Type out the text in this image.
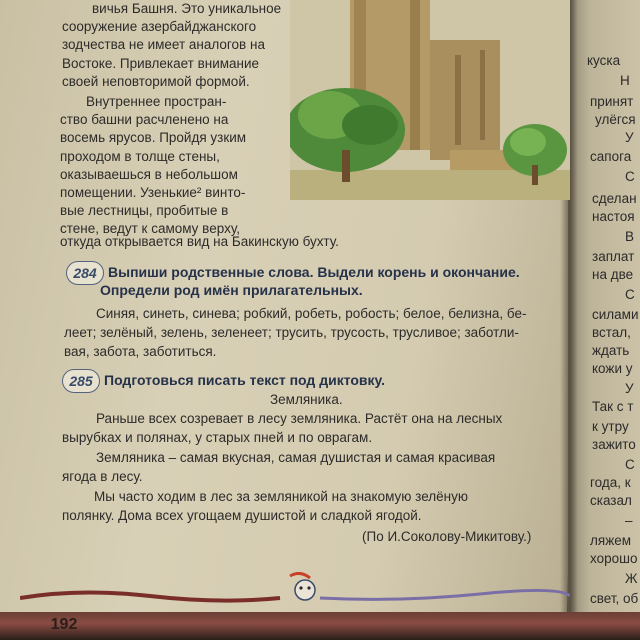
вичья Башня. Это уникальное
сооружение азербайджанского
зодчества не имеет аналогов на
Востоке. Привлекает внимание
своей неповторимой формой.
Внутреннее простран-
ство башни расчленено на
восемь ярусов. Пройдя узким
проходом в толще стены,
оказываешься в небольшом
помещении. Узенькие² винто-
вые лестницы, пробитые в
стене, ведут к самому верху,
откуда открывается вид на Бакинскую бухту.
284 Выпиши родственные слова. Выдели корень и окончание.
Определи род имён прилагательных.
Синяя, синеть, синева; робкий, робеть, робость; белое, белизна, бе-
леет; зелёный, зелень, зеленеет; трусить, трусость, трусливое; заботли-
вая, забота, заботиться.
285 Подготовься писать текст под диктовку.
Земляника.
Раньше всех созревает в лесу земляника. Растёт она на лесных
вырубках и полянах, у старых пней и по оврагам.
Земляника – самая вкусная, самая душистая и самая красивая
ягода в лесу.
Мы часто ходим в лес за земляникой на знакомую зелёную
полянку. Дома всех угощаем душистой и сладкой ягодой.
(По И.Соколову-Микитову.)
192
куска
Н
принят
улёгся
У
сапога
С
сделан
настоя
В
заплат
на две
С
силами
встал,
ждать
кожи у
У
Так с т
к утру
зажито
С
года, к
сказал
–
ляжем
хорошо
Ж
свет, об
